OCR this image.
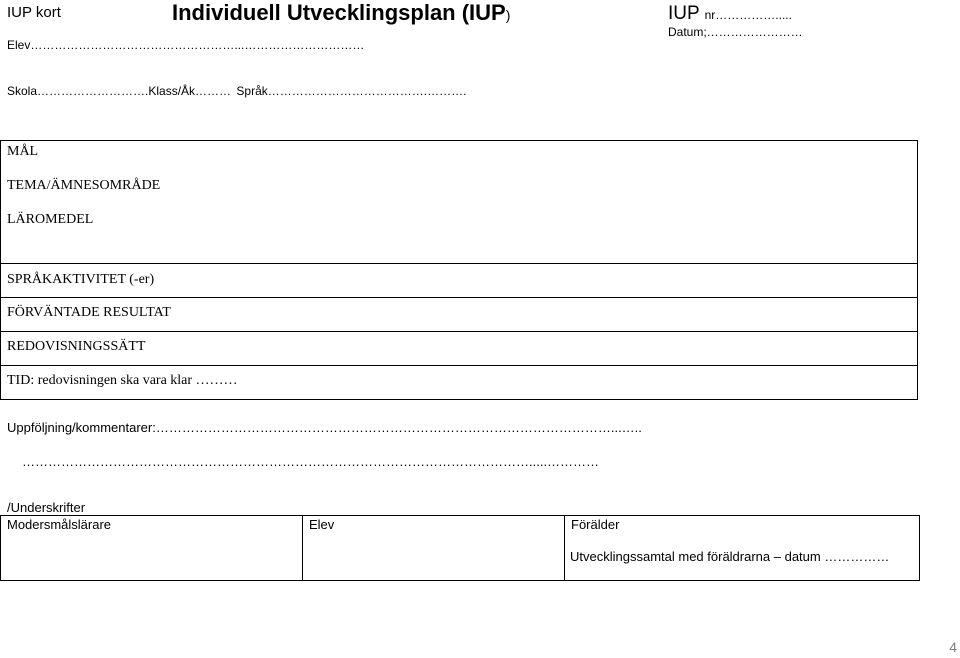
IUP kort
Elev……………………………………………...…………………………
Individuell Utvecklingsplan (IUP)	IUP nr…………….....
Datum;……………………
Skola……………………….Klass/Åk……… Språk………………………………….……….
MÅL
TEMA/ÄMNESOMRÅDE
LÄROMEDEL

SPRÅKAKTIVITET (-er)
FÖRVÄNTADE RESULTAT
REDOVISNINGSSÄTT
TID: redovisningen ska vara klar ………
Uppföljning/kommentarer:……………………………………………………………………………………………...…..
……………………………………………………………………………………………………….....…………
/Underskrifter
Modersmålslärare	Elev	Förälder
Utvecklingssamtal med föräldrarna – datum ……………
4
